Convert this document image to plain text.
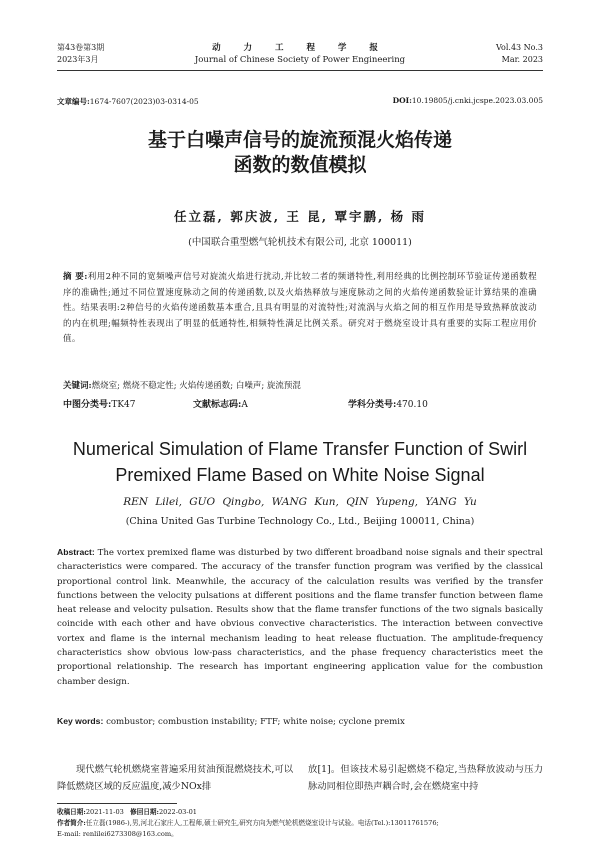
第43卷第3期
2023年3月
动 力 工 程 学 报
Journal of Chinese Society of Power Engineering
Vol.43 No.3
Mar. 2023
文章编号:1674-7607(2023)03-0314-05	DOI:10.19805/j.cnki.jcspe.2023.03.005
基于白噪声信号的旋流预混火焰传递
函数的数值模拟
任立磊, 郭庆波, 王 昆, 覃宇鹏, 杨 雨
(中国联合重型燃气轮机技术有限公司, 北京 100011)
摘 要:利用2种不同的宽频噪声信号对旋流火焰进行扰动,并比较二者的频谱特性,利用经典的比例控制环节验证传递函数程序的准确性;通过不同位置速度脉动之间的传递函数,以及火焰热释放与速度脉动之间的火焰传递函数验证计算结果的准确性。结果表明:2种信号的火焰传递函数基本重合,且具有明显的对流特性;对流涡与火焰之间的相互作用是导致热释放波动的内在机理;幅频特性表现出了明显的低通特性,相频特性满足比例关系。研究对于燃烧室设计具有重要的实际工程应用价值。
关键词:燃烧室; 燃烧不稳定性; 火焰传递函数; 白噪声; 旋流预混
中图分类号:TK47	文献标志码:A	学科分类号:470.10
Numerical Simulation of Flame Transfer Function of Swirl
Premixed Flame Based on White Noise Signal
REN Lilei, GUO Qingbo, WANG Kun, QIN Yupeng, YANG Yu
(China United Gas Turbine Technology Co., Ltd., Beijing 100011, China)
Abstract: The vortex premixed flame was disturbed by two different broadband noise signals and their spectral characteristics were compared. The accuracy of the transfer function program was verified by the classical proportional control link. Meanwhile, the accuracy of the calculation results was verified by the transfer functions between the velocity pulsations at different positions and the flame transfer function between flame heat release and velocity pulsation. Results show that the flame transfer functions of the two signals basically coincide with each other and have obvious convective characteristics. The interaction between convective vortex and flame is the internal mechanism leading to heat release fluctuation. The amplitude-frequency characteristics show obvious low-pass characteristics, and the phase frequency characteristics meet the proportional relationship. The research has important engineering application value for the combustion chamber design.
Key words: combustor; combustion instability; FTF; white noise; cyclone premix
现代燃气轮机燃烧室普遍采用贫油预混燃烧技术,可以降低燃烧区域的反应温度,减少NOx排
放[1]。但该技术易引起燃烧不稳定,当热释放波动与压力脉动同相位即热声耦合时,会在燃烧室中持
收稿日期:2021-11-03 修回日期:2022-03-01
作者简介:任立磊(1986-),男,河北石家庄人,工程师,硕士研究生,研究方向为燃气轮机燃烧室设计与试验。电话(Tel.):13011761576;
E-mail: renlilei6273308@163.com。
